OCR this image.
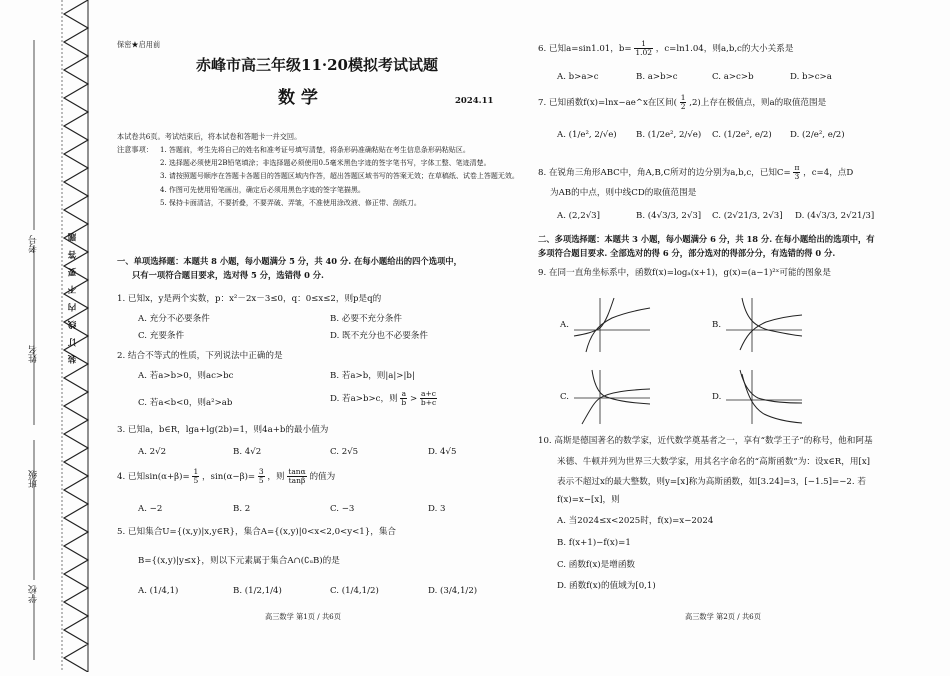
考号
姓名
班级
学校
装 订 线 内 不 要 答 题
保密★启用前
赤峰市高三年级11·20模拟考试试题
数 学	2024.11
本试卷共6页。考试结束后，将本试卷和答题卡一并交回。
注意事项： 1. 答题前，考生先将自己的姓名和准考证号填写清楚，将条形码准确粘贴在考生信息条形码粘贴区。
2. 选择题必须使用2B铅笔填涂；非选择题必须使用0.5毫米黑色字迹的签字笔书写，字体工整、笔迹清楚。
3. 请按照题号顺序在答题卡各题目的答题区域内作答，超出答题区域书写的答案无效；在草稿纸、试卷上答题无效。
4. 作图可先使用铅笔画出，确定后必须用黑色字迹的签字笔描黑。
5. 保持卡面清洁，不要折叠，不要弄破、弄皱，不准使用涂改液、修正带、刮纸刀。
一、单项选择题：本题共 8 小题，每小题满分 5 分，共 40 分. 在每小题给出的四个选项中，
只有一项符合题目要求，选对得 5 分，选错得 0 分.
1. 已知x，y是两个实数，p：x²－2x－3≤0，q：0≤x≤2，则p是q的
A. 充分不必要条件	B. 必要不充分条件
C. 充要条件	D. 既不充分也不必要条件
2. 结合不等式的性质，下列说法中正确的是
A. 若a>b>0，则ac>bc	B. 若a>b，则|a|>|b|
C. 若a<b<0，则a²>ab	D. 若a>b>c，则 $\frac{a}{b} > \frac{a+c}{b+c}$
3. 已知a，b∈R，lga+lg(2b)=1，则4a+b的最小值为
A. 2√2	B. 4√2	C. 2√5	D. 4√5
4. 已知$\sin(\alpha+\beta)= \frac{1}{5}$ ，$\sin(\alpha-\beta)= \frac{3}{5}$ ，则 $\frac{\tan\alpha}{\tan\beta}$ 的值为
A. −2	B. 2	C. −3	D. 3
5. 已知集合U={(x,y)|x,y∈R}，集合A={(x,y)|0<x<2,0<y<1}，集合
B={(x,y)|y≤x}，则以下元素属于集合A∩(∁ᵤB)的是
A. (1/4,1)	B. (1/2,1/4)	C. (1/4,1/2)	D. (3/4,1/2)
高三数学 第1页 / 共6页
6. 已知a=sin1.01，$b= \frac{1}{1.02}$ ，c=ln1.04，则a,b,c的大小关系是
A. b>a>c	B. a>b>c	C. a>c>b	D. b>c>a
7. 已知函数f(x)=lnx−ae^x在区间( $\frac{1}{2} ,2$)上存在极值点，则a的取值范围是
A. (1/e², 2/√e) B. (1/2e², 2/√e) C. (1/2e², e/2) D. (2/e², e/2)
8. 在锐角三角形ABC中，角A,B,C所对的边分别为a,b,c，已知$C= \frac{\pi}{3}$ ，c=4，点D
为AB的中点，则中线CD的取值范围是
A. (2,2√3]	B. (4√3/3, 2√3] C. (2√21/3, 2√3] D. (4√3/3, 2√21/3]
二、多项选择题：本题共 3 小题，每小题满分 6 分，共 18 分. 在每小题给出的选项中，有
多项符合题目要求. 全部选对的得 6 分，部分选对的得部分分，有选错的得 0 分.
9. 在同一直角坐标系中，函数f(x)=logₐ(x+1)，g(x)=(a−1)²ˣ可能的图象是
A.	B.
C.	D.
10. 高斯是德国著名的数学家，近代数学奠基者之一，享有“数学王子”的称号，他和阿基
米德、牛顿并列为世界三大数学家，用其名字命名的“高斯函数”为：设x∈R，用[x]
表示不超过x的最大整数，则y=[x]称为高斯函数，如[3.24]=3，[−1.5]=−2. 若
f(x)=x−[x]，则
A. 当2024≤x<2025时，f(x)=x−2024
B. f(x+1)−f(x)=1
C. 函数f(x)是增函数
D. 函数f(x)的值域为[0,1)
高三数学 第2页 / 共6页
